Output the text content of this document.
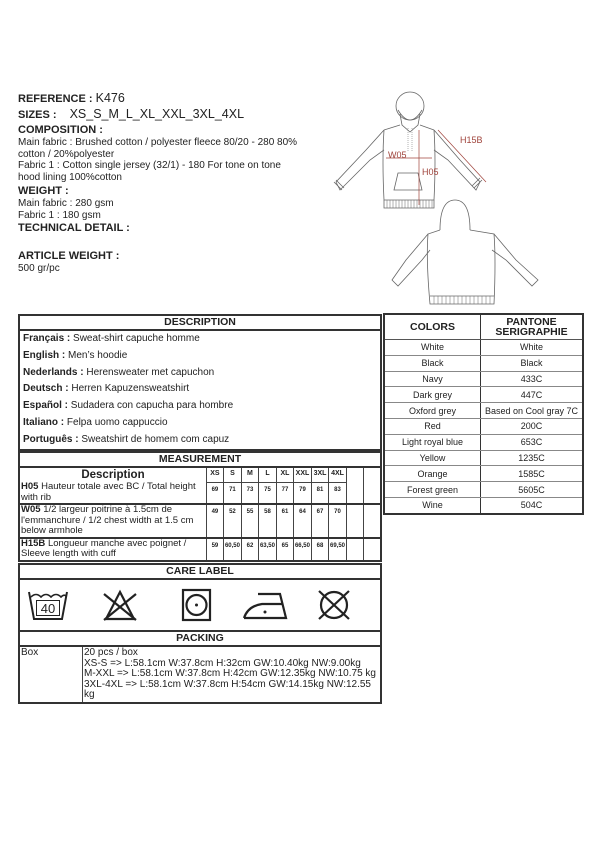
REFERENCE : K476
SIZES : XS_S_M_L_XL_XXL_3XL_4XL
COMPOSITION :
Main fabric : Brushed cotton / polyester fleece 80/20 - 280 80%
cotton / 20%polyester
Fabric 1 : Cotton single jersey (32/1) - 180 For tone on tone
hood lining 100%cotton
WEIGHT :
Main fabric : 280 gsm
Fabric 1 : 180 gsm
TECHNICAL DETAIL :
ARTICLE WEIGHT :
500 gr/pc
H15B
W05
H05
DESCRIPTION
Français : Sweat-shirt capuche homme
English : Men’s hoodie
Nederlands : Herensweater met capuchon
Deutsch : Herren Kapuzensweatshirt
Español : Sudadera con capucha para hombre
Italiano : Felpa uomo cappuccio
Português : Sweatshirt de homem com capuz
COLORS	PANTONE SERIGRAPHIE
White	White
Black	Black
Navy	433C
Dark grey	447C
Oxford grey	Based on Cool gray 7C
Red	200C
Light royal blue	653C
Yellow	1235C
Orange	1585C
Forest green	5605C
Wine	504C
MEASUREMENT
Description	XS	S	M	L	XL	XXL	3XL	4XL		
H05 Hauteur totale avec BC / Total height with rib	69	71	73	75	77	79	81	83		
W05 1/2 largeur poitrine à 1.5cm de l'emmanchure / 1/2 chest width at 1.5 cm below armhole	49	52	55	58	61	64	67	70		
H15B Longueur manche avec poignet / Sleeve length with cuff	59	60,50	62	63,50	65	66,50	68	69,50		
CARE LABEL
40
PACKING
Box	20 pcs / box
XS-S => L:58.1cm W:37.8cm H:32cm GW:10.40kg NW:9.00kg
M-XXL => L:58.1cm W:37.8cm H:42cm GW:12.35kg NW:10.75 kg
3XL-4XL => L:58.1cm W:37.8cm H:54cm GW:14.15kg NW:12.55 kg
